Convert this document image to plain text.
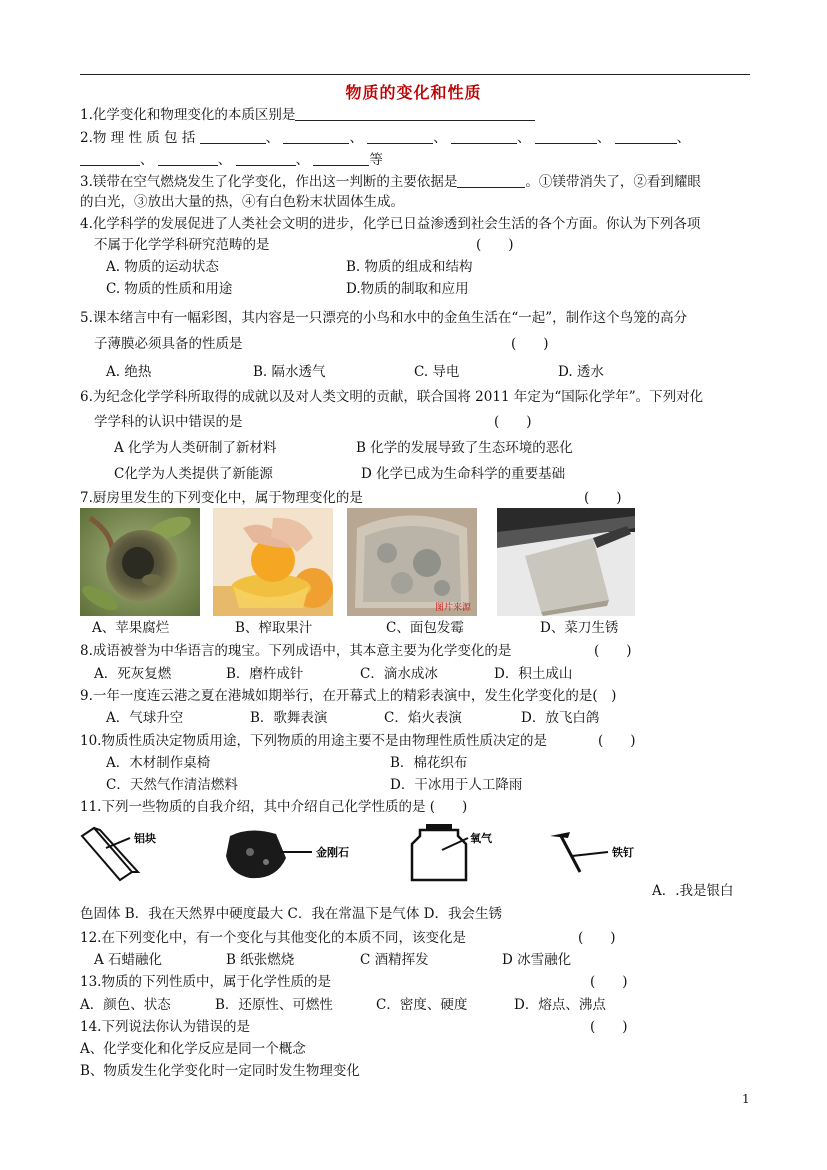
物质的变化和性质
1.化学变化和物理变化的本质区别是
2.物 理 性 质 包 括	、	、	、	、	、	、
、	、	、	等
3.镁带在空气燃烧发生了化学变化，作出这一判断的主要依据是	。①镁带消失了，②看到耀眼
的白光，③放出大量的热，④有白色粉末状固体生成。
4.化学科学的发展促进了人类社会文明的进步，化学已日益渗透到社会生活的各个方面。你认为下列各项
不属于化学学科研究范畴的是	(　　)
A. 物质的运动状态	B. 物质的组成和结构
C. 物质的性质和用途	D.物质的制取和应用
5.课本绪言中有一幅彩图，其内容是一只漂亮的小鸟和水中的金鱼生活在“一起”，制作这个鸟笼的高分
子薄膜必须具备的性质是	(　　)
A. 绝热	B. 隔水透气	C. 导电	D. 透水
6.为纪念化学学科所取得的成就以及对人类文明的贡献，联合国将 2011 年定为“国际化学年”。下列对化
学学科的认识中错误的是	(　　)
A 化学为人类研制了新材料	B 化学的发展导致了生态环境的恶化
C化学为人类提供了新能源	D 化学已成为生命科学的重要基础
7.厨房里发生的下列变化中，属于物理变化的是	(　　)
图片来源
A、苹果腐烂	B、榨取果汁	C、面包发霉	D、菜刀生锈
8.成语被誉为中华语言的瑰宝。下列成语中，其本意主要为化学变化的是	(　　)
A．死灰复燃	B．磨杵成针	C．滴水成冰	D．积土成山
9.一年一度连云港之夏在港城如期举行，在开幕式上的精彩表演中，发生化学变化的是(　)
A．气球升空	B．歌舞表演	C．焰火表演	D．放飞白鸽
10.物质性质决定物质用途，下列物质的用途主要不是由物理性质性质决定的是	(　　)
A．木材制作桌椅	B．棉花织布
C．天然气作清洁燃料	D．干冰用于人工降雨
11.下列一些物质的自我介绍，其中介绍自己化学性质的是 (　　)
铝块
金刚石
氧气
铁钉
A．.我是银白
色固体 B．我在天然界中硬度最大 C．我在常温下是气体 D．我会生锈
12.在下列变化中，有一个变化与其他变化的本质不同，该变化是	(　　)
A 石蜡融化	B 纸张燃烧	C 酒精挥发	D 冰雪融化
13.物质的下列性质中，属于化学性质的是	(　　)
A．颜色、状态	B．还原性、可燃性	C．密度、硬度	D．熔点、沸点
14.下列说法你认为错误的是	(　　)
A、化学变化和化学反应是同一个概念
B、物质发生化学变化时一定同时发生物理变化
1
